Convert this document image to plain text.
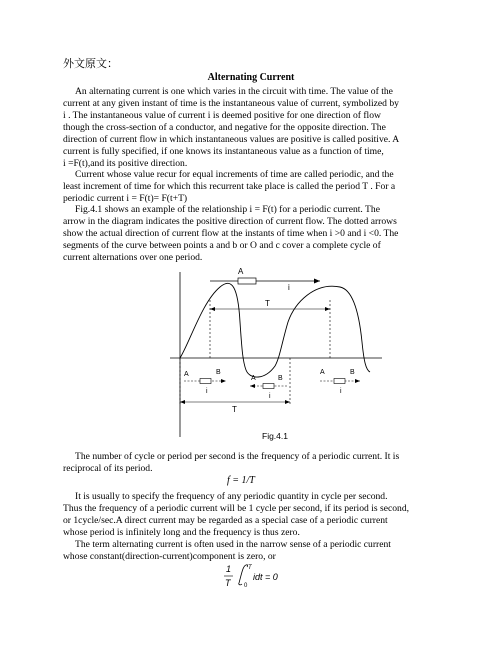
外文原文：
Alternating Current
An alternating current is one which varies in the circuit with time. The value of the
current at any given instant of time is the instantaneous value of current, symbolized by
i . The instantaneous value of current i is deemed positive for one direction of flow
though the cross-section of a conductor, and negative for the opposite direction. The
direction of current flow in which instantaneous values are positive is called positive. A
current is fully specified, if one knows its instantaneous value as a function of time,
i =F(t),and its positive direction.
Current whose value recur for equal increments of time are called periodic, and the
least increment of time for which this recurrent take place is called the period T . For a
periodic current i = F(t)= F(t+T)
Fig.4.1 shows an example of the relationship i = F(t) for a periodic current. The
arrow in the diagram indicates the positive direction of current flow. The dotted arrows
show the actual direction of current flow at the instants of time when i >0 and i <0. The
segments of the curve between points a and b or O and c cover a complete cycle of
current alternations over one period.
A
i
T
A	B
i
A	B
i
A	B
i
T
Fig.4.1
The number of cycle or period per second is the frequency of a periodic current. It is
reciprocal of its period.
f = 1/T
It is usually to specify the frequency of any periodic quantity in cycle per second.
Thus the frequency of a periodic current will be 1 cycle per second, if its period is second,
or 1cycle/sec.A direct current may be regarded as a special case of a periodic current
whose period is infinitely long and the frequency is thus zero.
The term alternating current is often used in the narrow sense of a periodic current
whose constant(direction-current)component is zero, or
1
T
T
0
idt = 0
